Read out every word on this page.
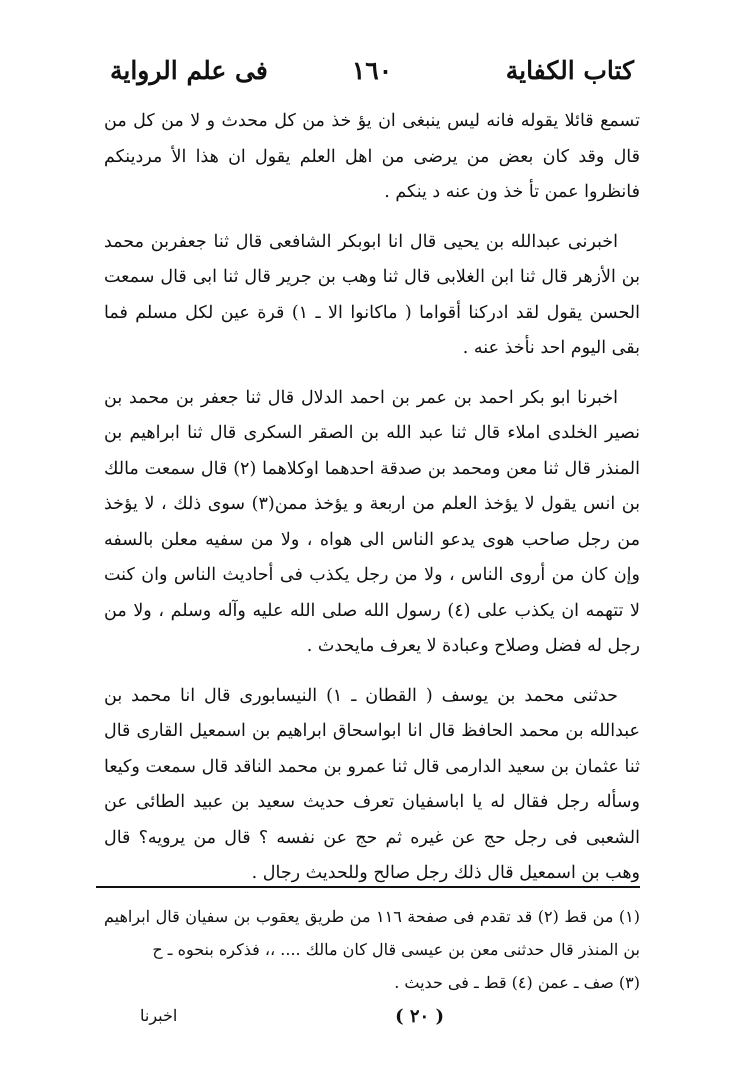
كتاب الكفاية
١٦٠
فى علم الرواية

تسمع قائلا يقوله فانه ليس ينبغى ان يؤ خذ من كل محدث و لا من كل من قال وقد كان بعض من يرضى من اهل العلم يقول ان هذا الأ مردينكم فانظروا عمن تأ خذ ون عنه د ينكم .

اخبرنى عبدالله بن يحيى قال انا ابوبكر الشافعى قال ثنا جعفربن محمد بن الأزهر قال ثنا ابن الغلابى قال ثنا وهب بن جرير قال ثنا ابى قال سمعت الحسن يقول لقد ادركنا أقواما ( ماكانوا الا ـ ١) قرة عين لكل مسلم فما بقى اليوم احد نأخذ عنه .

اخبرنا ابو بكر احمد بن عمر بن احمد الدلال قال ثنا جعفر بن محمد بن نصير الخلدى املاء قال ثنا عبد الله بن الصقر السكرى قال ثنا ابراهيم بن المنذر قال ثنا معن ومحمد بن صدقة احدهما اوكلاهما (٢) قال سمعت مالك بن انس يقول لا يؤخذ العلم من اربعة و يؤخذ ممن(٣) سوى ذلك ، لا يؤخذ من رجل صاحب هوى يدعو الناس الى هواه ، ولا من سفيه معلن بالسفه وإن كان من أروى الناس ، ولا من رجل يكذب فى أحاديث الناس وان كنت لا تتهمه ان يكذب على (٤) رسول الله صلى الله عليه وآله وسلم ، ولا من رجل له فضل وصلاح وعبادة لا يعرف مايحدث .

حدثنى محمد بن يوسف ( القطان ـ ١) النيسابورى قال انا محمد بن عبدالله بن محمد الحافظ قال انا ابواسحاق ابراهيم بن اسمعيل القارى قال ثنا عثمان بن سعيد الدارمى قال ثنا عمرو بن محمد الناقد قال سمعت وكيعا وسأله رجل فقال له يا اباسفيان تعرف حديث سعيد بن عبيد الطائى عن الشعبى فى رجل حج عن غيره ثم حج عن نفسه ؟ قال من يرويه؟ قال وهب بن اسمعيل قال ذلك رجل صالح وللحديث رجال .

(١) من قط (٢) قد تقدم فى صفحة ١١٦ من طريق يعقوب بن سفيان قال ابراهيم بن المنذر قال حدثنى معن بن عيسى قال كان مالك .... ،، فذكره بنحوه ـ ح

(٣) صف ـ عمن (٤) قط ـ فى حديث .

( ٢٠ )
اخبرنا
